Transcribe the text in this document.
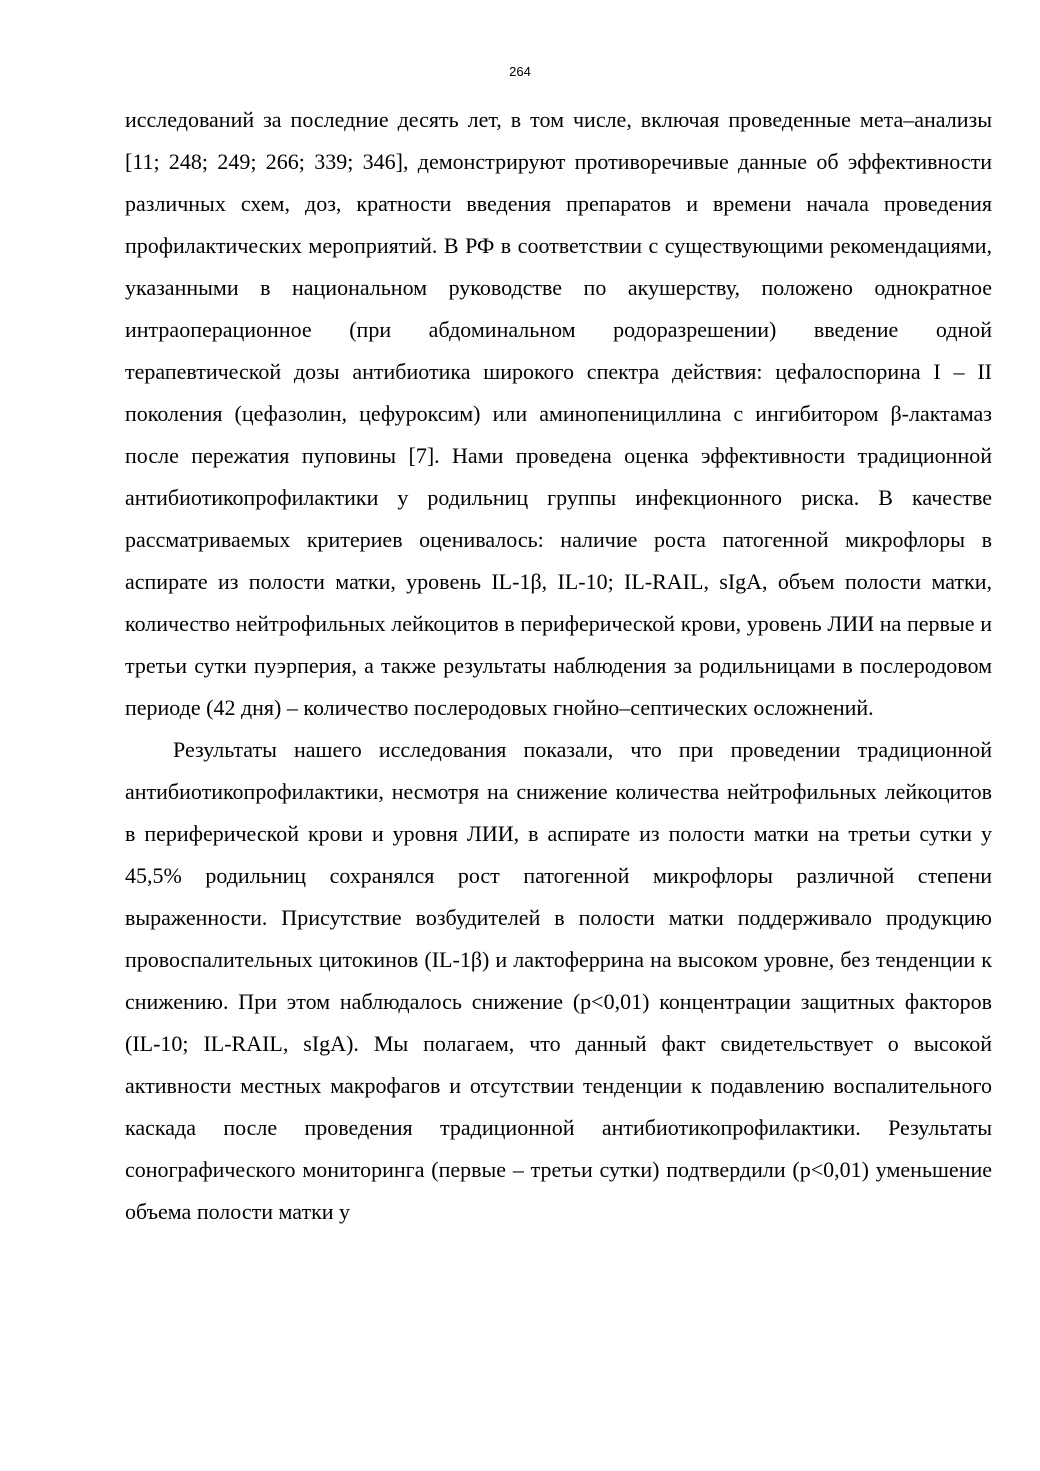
264

исследований за последние десять лет, в том числе, включая проведенные мета–анализы [11; 248; 249; 266; 339; 346], демонстрируют противоречивые данные об эффективности различных схем, доз, кратности введения препаратов и времени начала проведения профилактических мероприятий. В РФ в соответствии с существующими рекомендациями, указанными в национальном руководстве по акушерству, положено однократное интраоперационное (при абдоминальном родоразрешении) введение одной терапевтической дозы антибиотика широкого спектра действия: цефалоспорина I – II поколения (цефазолин, цефуроксим) или аминопенициллина с ингибитором β-лактамаз после пережатия пуповины [7]. Нами проведена оценка эффективности традиционной антибиотикопрофилактики у родильниц группы инфекционного риска. В качестве рассматриваемых критериев оценивалось: наличие роста патогенной микрофлоры в аспирате из полости матки, уровень IL-1β, IL-10; IL-RAIL, sIgA, объем полости матки, количество нейтрофильных лейкоцитов в периферической крови, уровень ЛИИ на первые и третьи сутки пуэрперия, а также результаты наблюдения за родильницами в послеродовом периоде (42 дня) – количество послеродовых гнойно–септических осложнений.

Результаты нашего исследования показали, что при проведении традиционной антибиотикопрофилактики, несмотря на снижение количества нейтрофильных лейкоцитов в периферической крови и уровня ЛИИ, в аспирате из полости матки на третьи сутки у 45,5% родильниц сохранялся рост патогенной микрофлоры различной степени выраженности. Присутствие возбудителей в полости матки поддерживало продукцию провоспалительных цитокинов (IL-1β) и лактоферрина на высоком уровне, без тенденции к снижению. При этом наблюдалось снижение (p<0,01) концентрации защитных факторов (IL-10; IL-RAIL, sIgA). Мы полагаем, что данный факт свидетельствует о высокой активности местных макрофагов и отсутствии тенденции к подавлению воспалительного каскада после проведения традиционной антибиотикопрофилактики. Результаты сонографического мониторинга (первые – третьи сутки) подтвердили (p<0,01) уменьшение объема полости матки у
